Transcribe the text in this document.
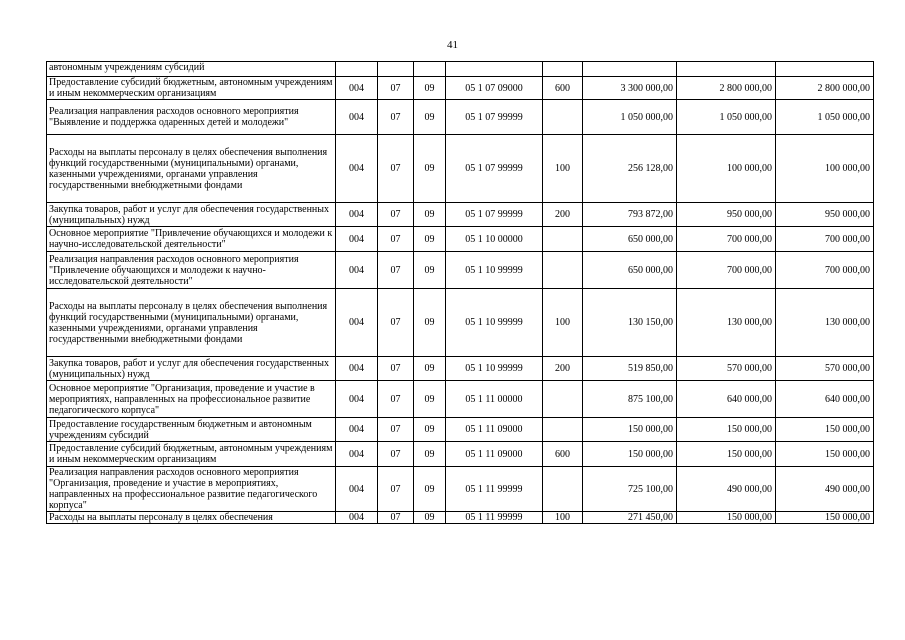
41
автономным учреждениям субсидий								
Предоставление субсидий бюджетным, автономным учреждениям и иным некоммерческим организациям	004	07	09	05 1 07 09000	600	3 300 000,00	2 800 000,00	2 800 000,00
Реализация направления расходов основного мероприятия "Выявление и поддержка одаренных детей и молодежи"	004	07	09	05 1 07 99999		1 050 000,00	1 050 000,00	1 050 000,00
Расходы на выплаты персоналу в целях обеспечения выполнения функций государственными (муниципальными) органами, казенными учреждениями, органами управления государственными внебюджетными фондами	004	07	09	05 1 07 99999	100	256 128,00	100 000,00	100 000,00
Закупка товаров, работ и услуг для обеспечения государственных (муниципальных) нужд	004	07	09	05 1 07 99999	200	793 872,00	950 000,00	950 000,00
Основное мероприятие "Привлечение обучающихся и молодежи к научно-исследовательской деятельности"	004	07	09	05 1 10 00000		650 000,00	700 000,00	700 000,00
Реализация направления расходов основного мероприятия "Привлечение обучающихся и молодежи к научно-исследовательской деятельности"	004	07	09	05 1 10 99999		650 000,00	700 000,00	700 000,00
Расходы на выплаты персоналу в целях обеспечения выполнения функций государственными (муниципальными) органами, казенными учреждениями, органами управления государственными внебюджетными фондами	004	07	09	05 1 10 99999	100	130 150,00	130 000,00	130 000,00
Закупка товаров, работ и услуг для обеспечения государственных (муниципальных) нужд	004	07	09	05 1 10 99999	200	519 850,00	570 000,00	570 000,00
Основное мероприятие "Организация, проведение и участие в мероприятиях, направленных на профессиональное развитие педагогического корпуса"	004	07	09	05 1 11 00000		875 100,00	640 000,00	640 000,00
Предоставление государственным бюджетным и автономным учреждениям субсидий	004	07	09	05 1 11 09000		150 000,00	150 000,00	150 000,00
Предоставление субсидий бюджетным, автономным учреждениям и иным некоммерческим организациям	004	07	09	05 1 11 09000	600	150 000,00	150 000,00	150 000,00
Реализация направления расходов основного мероприятия "Организация, проведение и участие в мероприятиях, направленных на профессиональное развитие педагогического корпуса"	004	07	09	05 1 11 99999		725 100,00	490 000,00	490 000,00
Расходы на выплаты персоналу в целях обеспечения	004	07	09	05 1 11 99999	100	271 450,00	150 000,00	150 000,00
